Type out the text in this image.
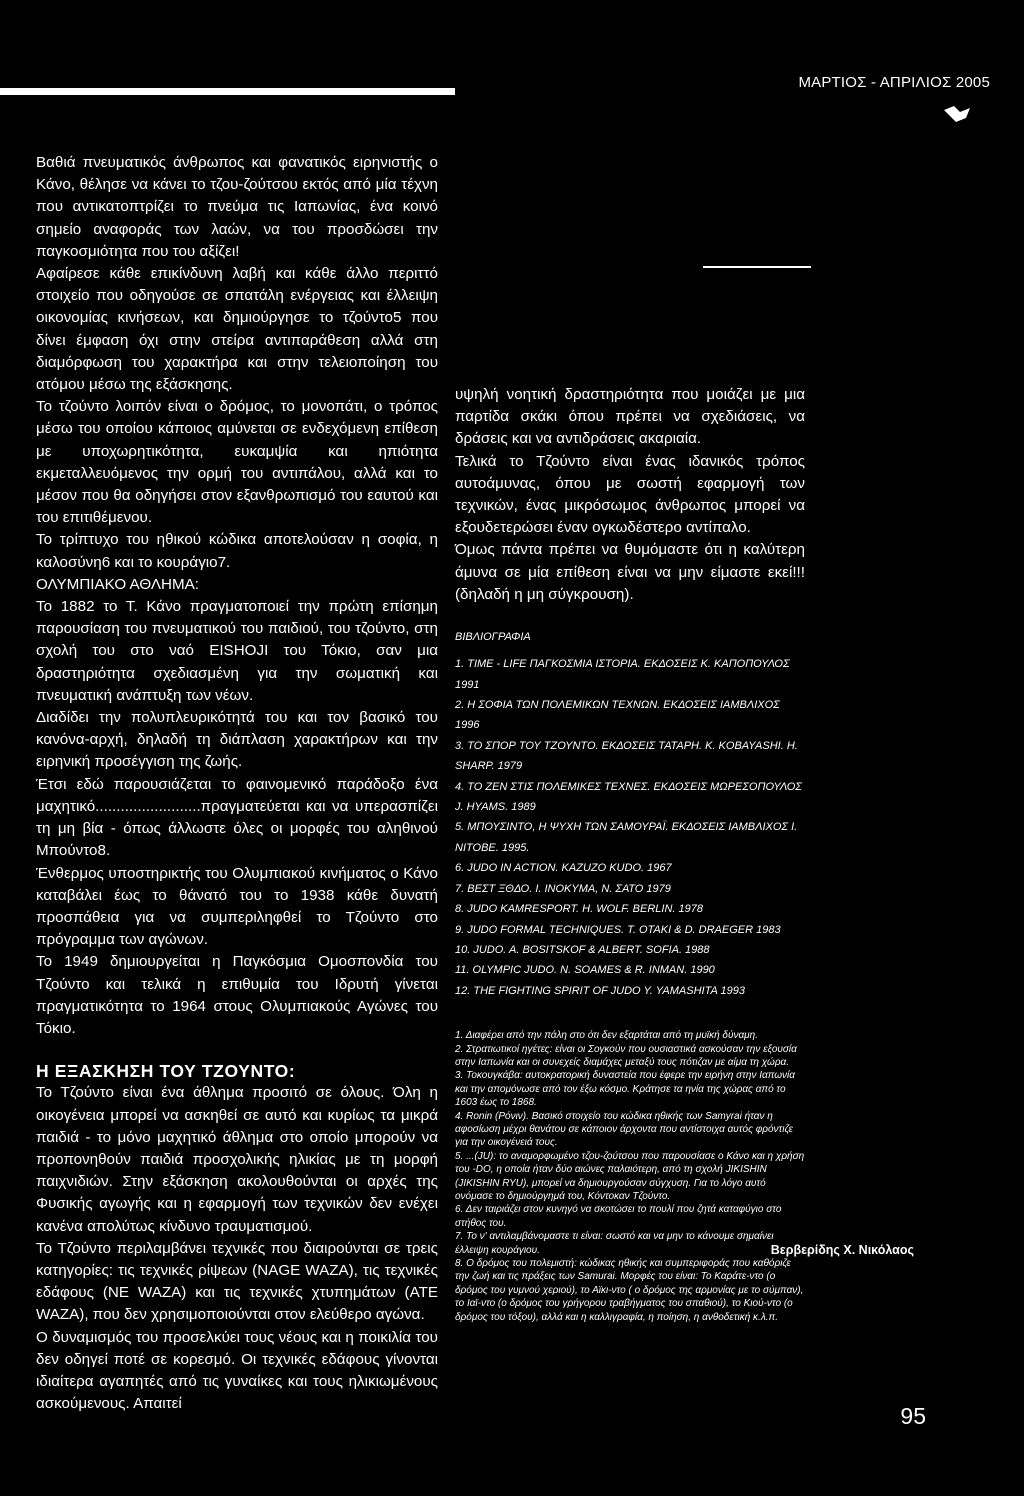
ΜΑΡΤΙΟΣ - ΑΠΡΙΛΙΟΣ 2005

Βαθιά πνευματικός άνθρωπος και φανατικός ειρηνιστής ο Κάνο, θέλησε να κάνει το τζου-ζούτσου εκτός από μία τέχνη που αντικατοπτρίζει το πνεύμα τις Ιαπωνίας, ένα κοινό σημείο αναφοράς των λαών, να του προσδώσει την παγκοσμιότητα που του αξίζει!

Αφαίρεσε κάθε επικίνδυνη λαβή και κάθε άλλο περιττό στοιχείο που οδηγούσε σε σπατάλη ενέργειας και έλλειψη οικονομίας κινήσεων, και δημιούργησε το τζούντο5 που δίνει έμφαση όχι στην στείρα αντιπαράθεση αλλά στη διαμόρφωση του χαρακτήρα και στην τελειοποίηση του ατόμου μέσω της εξάσκησης.

Το τζούντο λοιπόν είναι ο δρόμος, το μονοπάτι, ο τρόπος μέσω του οποίου κάποιος αμύνεται σε ενδεχόμενη επίθεση με υποχωρητικότητα, ευκαμψία και ηπιότητα εκμεταλλευόμενος την ορμή του αντιπάλου, αλλά και το μέσον που θα οδηγήσει στον εξανθρωπισμό του εαυτού και του επιτιθέμενου.

Το τρίπτυχο του ηθικού κώδικα αποτελούσαν η σοφία, η καλοσύνη6 και το κουράγιο7.

ΟΛΥΜΠΙΑΚΟ ΑΘΛΗΜΑ:

Το 1882 το Τ. Κάνο πραγματοποιεί την πρώτη επίσημη παρουσίαση του πνευματικού του παιδιού, του τζούντο, στη σχολή του στο ναό EISHOJI του Τόκιο, σαν μια δραστηριότητα σχεδιασμένη για την σωματική και πνευματική ανάπτυξη των νέων.

Διαδίδει την πολυπλευρικότητά του και τον βασικό του κανόνα-αρχή, δηλαδή τη διάπλαση χαρακτήρων και την ειρηνική προσέγγιση της ζωής.

Έτσι εδώ παρουσιάζεται το φαινομενικό παράδοξο ένα μαχητικό.........................πραγματεύεται και να υπερασπίζει τη μη βία - όπως άλλωστε όλες οι μορφές του αληθινού Μπούντο8.

Ένθερμος υποστηρικτής του Ολυμπιακού κινήματος ο Κάνο καταβάλει έως το θάνατό του το 1938 κάθε δυνατή προσπάθεια για να συμπεριληφθεί το Τζούντο στο πρόγραμμα των αγώνων.

Το 1949 δημιουργείται η Παγκόσμια Ομοσπονδία του Τζούντο και τελικά η επιθυμία του Ιδρυτή γίνεται πραγματικότητα το 1964 στους Ολυμπιακούς Αγώνες του Τόκιο.

Η ΕΞΑΣΚΗΣΗ ΤΟΥ ΤΖΟΥΝΤΟ:

Το Τζούντο είναι ένα άθλημα προσιτό σε όλους. Όλη η οικογένεια μπορεί να ασκηθεί σε αυτό και κυρίως τα μικρά παιδιά - το μόνο μαχητικό άθλημα στο οποίο μπορούν να προπονηθούν παιδιά προσχολικής ηλικίας με τη μορφή παιχνιδιών. Στην εξάσκηση ακολουθούνται οι αρχές της Φυσικής αγωγής και η εφαρμογή των τεχνικών δεν ενέχει κανένα απολύτως κίνδυνο τραυματισμού.

Το Τζούντο περιλαμβάνει τεχνικές που διαιρούνται σε τρεις κατηγορίες: τις τεχνικές ρίψεων (NAGE WAZA), τις τεχνικές εδάφους (NE WAZA) και τις τεχνικές χτυπημάτων (ATE WAZA), που δεν χρησιμοποιούνται στον ελεύθερο αγώνα.

Ο δυναμισμός του προσελκύει τους νέους και η ποικιλία του δεν οδηγεί ποτέ σε κορεσμό. Οι τεχνικές εδάφους γίνονται ιδιαίτερα αγαπητές από τις γυναίκες και τους ηλικιωμένους ασκούμενους. Απαιτεί

υψηλή νοητική δραστηριότητα που μοιάζει με μια παρτίδα σκάκι όπου πρέπει να σχεδιάσεις, να δράσεις και να αντιδράσεις ακαριαία.

Τελικά το Τζούντο είναι ένας ιδανικός τρόπος αυτοάμυνας, όπου με σωστή εφαρμογή των τεχνικών, ένας μικρόσωμος άνθρωπος μπορεί να εξουδετερώσει έναν ογκωδέστερο αντίπαλο.

Όμως πάντα πρέπει να θυμόμαστε ότι η καλύτερη άμυνα σε μία επίθεση είναι να μην είμαστε εκεί!!! (δηλαδή η μη σύγκρουση).

ΒΙΒΛΙΟΓΡΑΦΙΑ
1. TIME - LIFE ΠΑΓΚΟΣΜΙΑ ΙΣΤΟΡΙΑ. ΕΚΔΟΣΕΙΣ Κ. ΚΑΠΟΠΟΥΛΟΣ 1991
2. Η ΣΟΦΙΑ ΤΩΝ ΠΟΛΕΜΙΚΩΝ ΤΕΧΝΩΝ. ΕΚΔΟΣΕΙΣ ΙΑΜΒΛΙΧΟΣ 1996
3. ΤΟ ΣΠΟΡ ΤΟΥ ΤΖΟΥΝΤΟ. ΕΚΔΟΣΕΙΣ ΤΑΤΑΡΗ. Κ. KOBAYASHI. H. SHARP. 1979
4. ΤΟ ΖΕΝ ΣΤΙΣ ΠΟΛΕΜΙΚΕΣ ΤΕΧΝΕΣ. ΕΚΔΟΣΕΙΣ ΜΩΡΕΣΟΠΟΥΛΟΣ J. HYAMS. 1989
5. ΜΠΟΥΣΙΝΤΟ, Η ΨΥΧΗ ΤΩΝ ΣΑΜΟΥΡΑΪ. ΕΚΔΟΣΕΙΣ ΙΑΜΒΛΙΧΟΣ I. NITOBE. 1995.
6. JUDO IN ACTION. KAZUZO KUDO. 1967
7. ΒΕΣΤ ΞΘΔΟ. I. INOKYMA, N. ΣΑΤΟ 1979
8. JUDO KAMRESPORT. H. WOLF. BERLIN. 1978
9. JUDO FORMAL TECHNIQUES. T. OTAKI & D. DRAEGER 1983
10. JUDO. A. BOSITSKOF & ALBERT. SOFIA. 1988
11. OLYMPIC JUDO. N. SOAMES & R. INMAN. 1990
12. THE FIGHTING SPIRIT OF JUDO Y. YAMASHITA 1993

1. Διαφέρει από την πάλη στο ότι δεν εξαρτάται από τη μυϊκή δύναμη.

2. Στρατιωτικοί ηγέτες: είναι οι Σογκούν που ουσιαστικά ασκούσαν την εξουσία στην Ιαπωνία και οι συνεχείς διαμάχες μεταξύ τους πότιζαν με αίμα τη χώρα.

3. Τοκουγκάβα: αυτοκρατορική δυναστεία που έφερε την ειρήνη στην Ιαπωνία και την απομόνωσε από τον έξω κόσμο. Κράτησε τα ηνία της χώρας από το 1603 έως το 1868.

4. Ronin (Ρόνιν). Βασικό στοιχείο του κώδικα ηθικής των Samyrai ήταν η αφοσίωση μέχρι θανάτου σε κάποιον άρχοντα που αντίστοιχα αυτός φρόντιζε για την οικογένειά τους.

5. ...(JU): το αναμορφωμένο τζου-ζούτσου που παρουσίασε ο Κάνο και η χρήση του -DO, η οποία ήταν δύο αιώνες παλαιότερη, από τη σχολή JIKISHIN (JIKISHIN RYU), μπορεί να δημιουργούσαν σύγχυση. Για το λόγο αυτό ονόμασε το δημιούργημά του, Κόντοκαν Τζούντο.

6. Δεν ταιριάζει στον κυνηγό να σκοτώσει το πουλί που ζητά καταφύγιο στο στήθος του.

7. Το ν' αντιλαμβάνομαστε τι είναι: σωστό και να μην το κάνουμε σημαίνει έλλειψη κουράγιου.

8. Ο δρόμος του πολεμιστή: κώδικας ηθικής και συμπεριφοράς που καθόριζε την ζωή και τις πράξεις των Samurai. Μορφές του είναι: Το Καράτε-ντο (ο δρόμος του γυμνού χεριού), το Αϊκι-ντο ( ο δρόμος της αρμονίας με το σύμπαν), το Ιαϊ-ντο (ο δρόμος του γρήγορου τραβήγματος του σπαθιού), το Κιού-ντο (ο δρόμος του τόξου), αλλά και η καλλιγραφία, η ποίηση, η ανθοδετική κ.λ.π.

Βερβερίδης Χ. Νικόλαος
95
